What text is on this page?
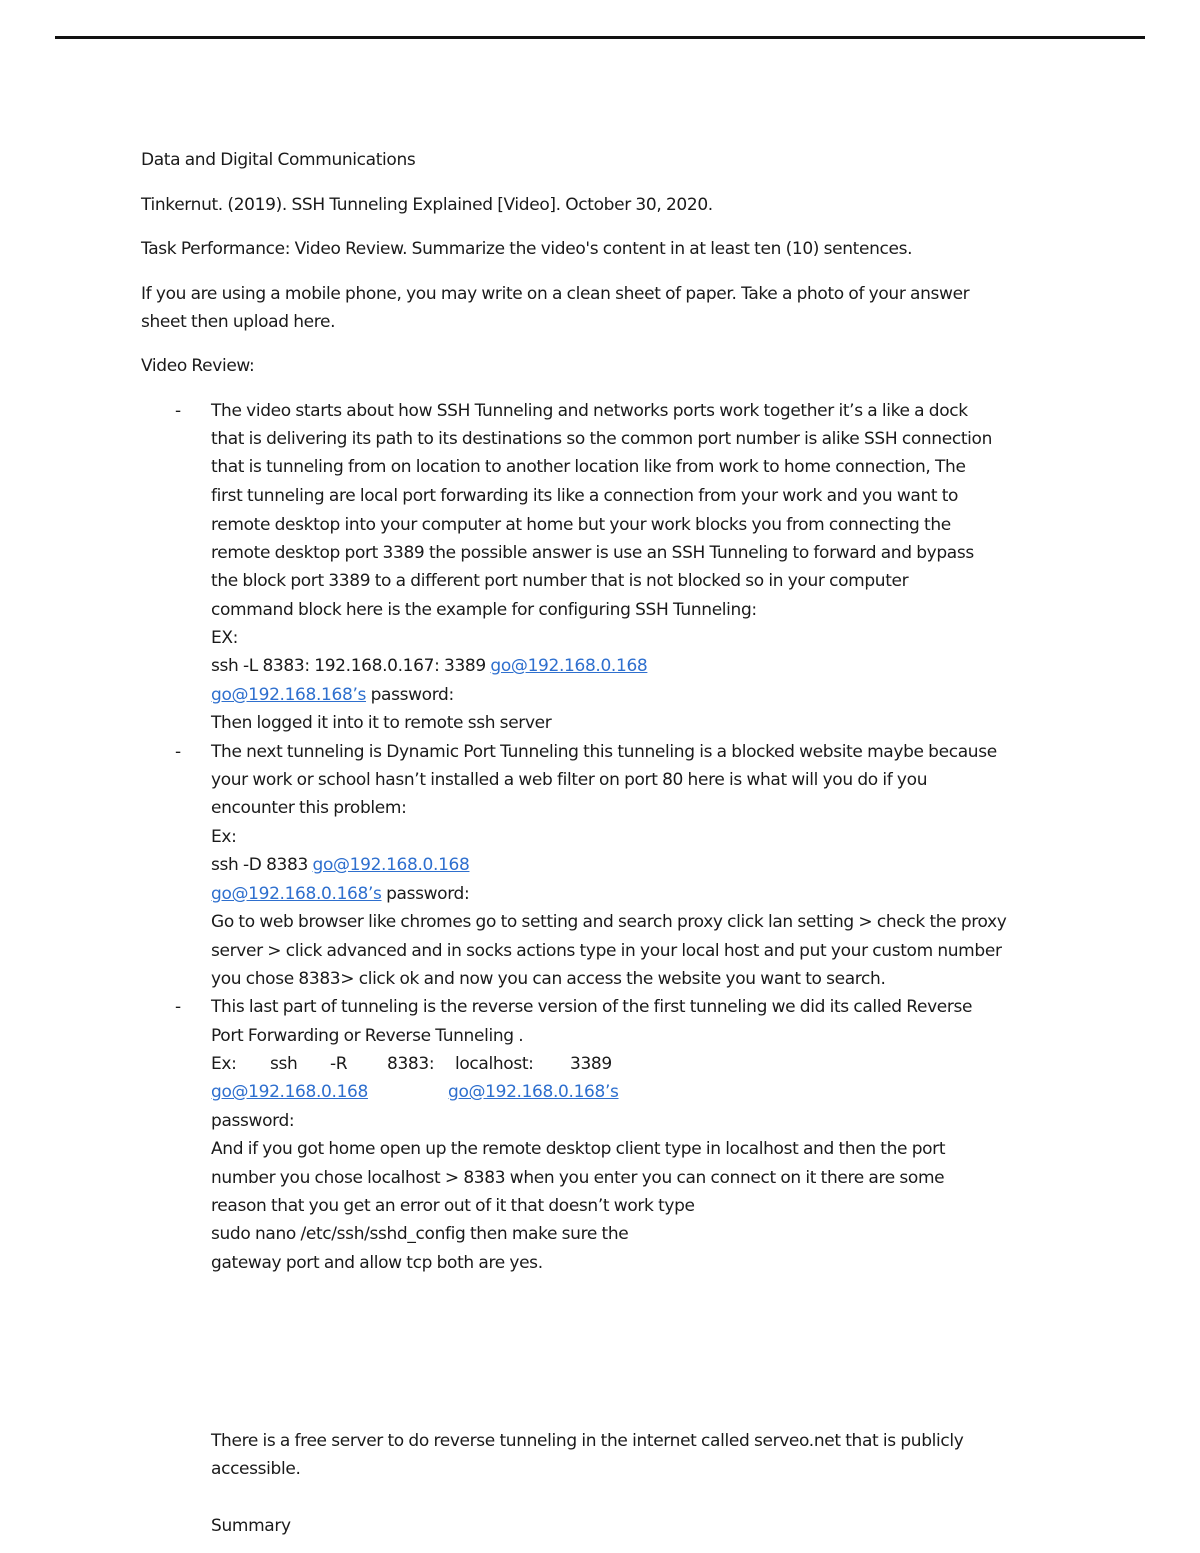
Data and Digital Communications
Tinkernut. (2019). SSH Tunneling Explained [Video]. October 30, 2020.
Task Performance: Video Review. Summarize the video's content in at least ten (10) sentences.
If you are using a mobile phone, you may write on a clean sheet of paper. Take a photo of your answer
sheet then upload here.
Video Review:
- The video starts about how SSH Tunneling and networks ports work together it’s a like a dock
that is delivering its path to its destinations so the common port number is alike SSH connection
that is tunneling from on location to another location like from work to home connection, The
first tunneling are local port forwarding its like a connection from your work and you want to
remote desktop into your computer at home but your work blocks you from connecting the
remote desktop port 3389 the possible answer is use an SSH Tunneling to forward and bypass
the block port 3389 to a different port number that is not blocked so in your computer
command block here is the example for configuring SSH Tunneling:
EX:
ssh -L 8383: 192.168.0.167: 3389 go@192.168.0.168
go@192.168.168’s password:
Then logged it into it to remote ssh server
- The next tunneling is Dynamic Port Tunneling this tunneling is a blocked website maybe because
your work or school hasn’t installed a web filter on port 80 here is what will you do if you
encounter this problem:
Ex:
ssh -D 8383 go@192.168.0.168
go@192.168.0.168’s password:
Go to web browser like chromes go to setting and search proxy click lan setting > check the proxy
server > click advanced and in socks actions type in your local host and put your custom number
you chose 8383> click ok and now you can access the website you want to search.
- This last part of tunneling is the reverse version of the first tunneling we did its called Reverse
Port Forwarding or Reverse Tunneling .
Ex: ssh -R 8383: localhost: 3389
go@192.168.0.168	go@192.168.0.168’s
password:
And if you got home open up the remote desktop client type in localhost and then the port
number you chose localhost > 8383 when you enter you can connect on it there are some
reason that you get an error out of it that doesn’t work type
sudo nano /etc/ssh/sshd_config then make sure the
gateway port and allow tcp both are yes.
There is a free server to do reverse tunneling in the internet called serveo.net that is publicly
accessible.
Summary
